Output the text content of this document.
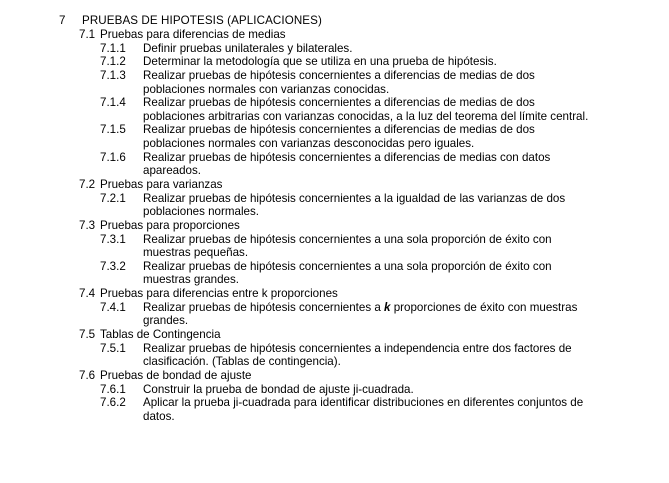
7 PRUEBAS DE HIPOTESIS (APLICACIONES)
7.1 Pruebas para diferencias de medias
7.1.1	Definir pruebas unilaterales y bilaterales.
7.1.2	Determinar la metodología que se utiliza en una prueba de hipótesis.
7.1.3	Realizar pruebas de hipótesis concernientes a diferencias de medias de dos poblaciones normales con varianzas conocidas.
7.1.4	Realizar pruebas de hipótesis concernientes a diferencias de medias de dos poblaciones arbitrarias con varianzas conocidas, a la luz del teorema del límite central.
7.1.5	Realizar pruebas de hipótesis concernientes a diferencias de medias de dos poblaciones normales con varianzas desconocidas pero iguales.
7.1.6	Realizar pruebas de hipótesis concernientes a diferencias de medias con datos apareados.
7.2 Pruebas para varianzas
7.2.1	Realizar pruebas de hipótesis concernientes a la igualdad de las varianzas de dos poblaciones normales.
7.3 Pruebas para proporciones
7.3.1	Realizar pruebas de hipótesis concernientes a una sola proporción de éxito con muestras pequeñas.
7.3.2	Realizar pruebas de hipótesis concernientes a una sola proporción de éxito con muestras grandes.
7.4 Pruebas para diferencias entre k proporciones
7.4.1	Realizar pruebas de hipótesis concernientes a k proporciones de éxito con muestras grandes.
7.5 Tablas de Contingencia
7.5.1	Realizar pruebas de hipótesis concernientes a independencia entre dos factores de clasificación. (Tablas de contingencia).
7.6 Pruebas de bondad de ajuste
7.6.1	Construir la prueba de bondad de ajuste ji-cuadrada.
7.6.2	Aplicar la prueba ji-cuadrada para identificar distribuciones en diferentes conjuntos de datos.
